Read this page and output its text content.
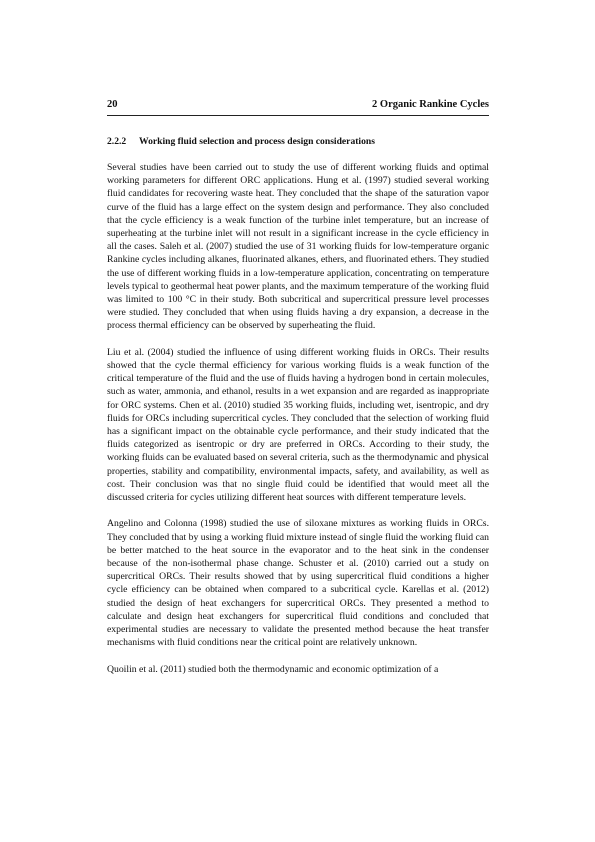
20	2 Organic Rankine Cycles
2.2.2	Working fluid selection and process design considerations

Several studies have been carried out to study the use of different working fluids and optimal working parameters for different ORC applications. Hung et al. (1997) studied several working fluid candidates for recovering waste heat. They concluded that the shape of the saturation vapor curve of the fluid has a large effect on the system design and performance. They also concluded that the cycle efficiency is a weak function of the turbine inlet temperature, but an increase of superheating at the turbine inlet will not result in a significant increase in the cycle efficiency in all the cases. Saleh et al. (2007) studied the use of 31 working fluids for low-temperature organic Rankine cycles including alkanes, fluorinated alkanes, ethers, and fluorinated ethers. They studied the use of different working fluids in a low-temperature application, concentrating on temperature levels typical to geothermal heat power plants, and the maximum temperature of the working fluid was limited to 100 °C in their study. Both subcritical and supercritical pressure level processes were studied. They concluded that when using fluids having a dry expansion, a decrease in the process thermal efficiency can be observed by superheating the fluid.

Liu et al. (2004) studied the influence of using different working fluids in ORCs. Their results showed that the cycle thermal efficiency for various working fluids is a weak function of the critical temperature of the fluid and the use of fluids having a hydrogen bond in certain molecules, such as water, ammonia, and ethanol, results in a wet expansion and are regarded as inappropriate for ORC systems. Chen et al. (2010) studied 35 working fluids, including wet, isentropic, and dry fluids for ORCs including supercritical cycles. They concluded that the selection of working fluid has a significant impact on the obtainable cycle performance, and their study indicated that the fluids categorized as isentropic or dry are preferred in ORCs. According to their study, the working fluids can be evaluated based on several criteria, such as the thermodynamic and physical properties, stability and compatibility, environmental impacts, safety, and availability, as well as cost. Their conclusion was that no single fluid could be identified that would meet all the discussed criteria for cycles utilizing different heat sources with different temperature levels.

Angelino and Colonna (1998) studied the use of siloxane mixtures as working fluids in ORCs. They concluded that by using a working fluid mixture instead of single fluid the working fluid can be better matched to the heat source in the evaporator and to the heat sink in the condenser because of the non-isothermal phase change. Schuster et al. (2010) carried out a study on supercritical ORCs. Their results showed that by using supercritical fluid conditions a higher cycle efficiency can be obtained when compared to a subcritical cycle. Karellas et al. (2012) studied the design of heat exchangers for supercritical ORCs. They presented a method to calculate and design heat exchangers for supercritical fluid conditions and concluded that experimental studies are necessary to validate the presented method because the heat transfer mechanisms with fluid conditions near the critical point are relatively unknown.

Quoilin et al. (2011) studied both the thermodynamic and economic optimization of a
